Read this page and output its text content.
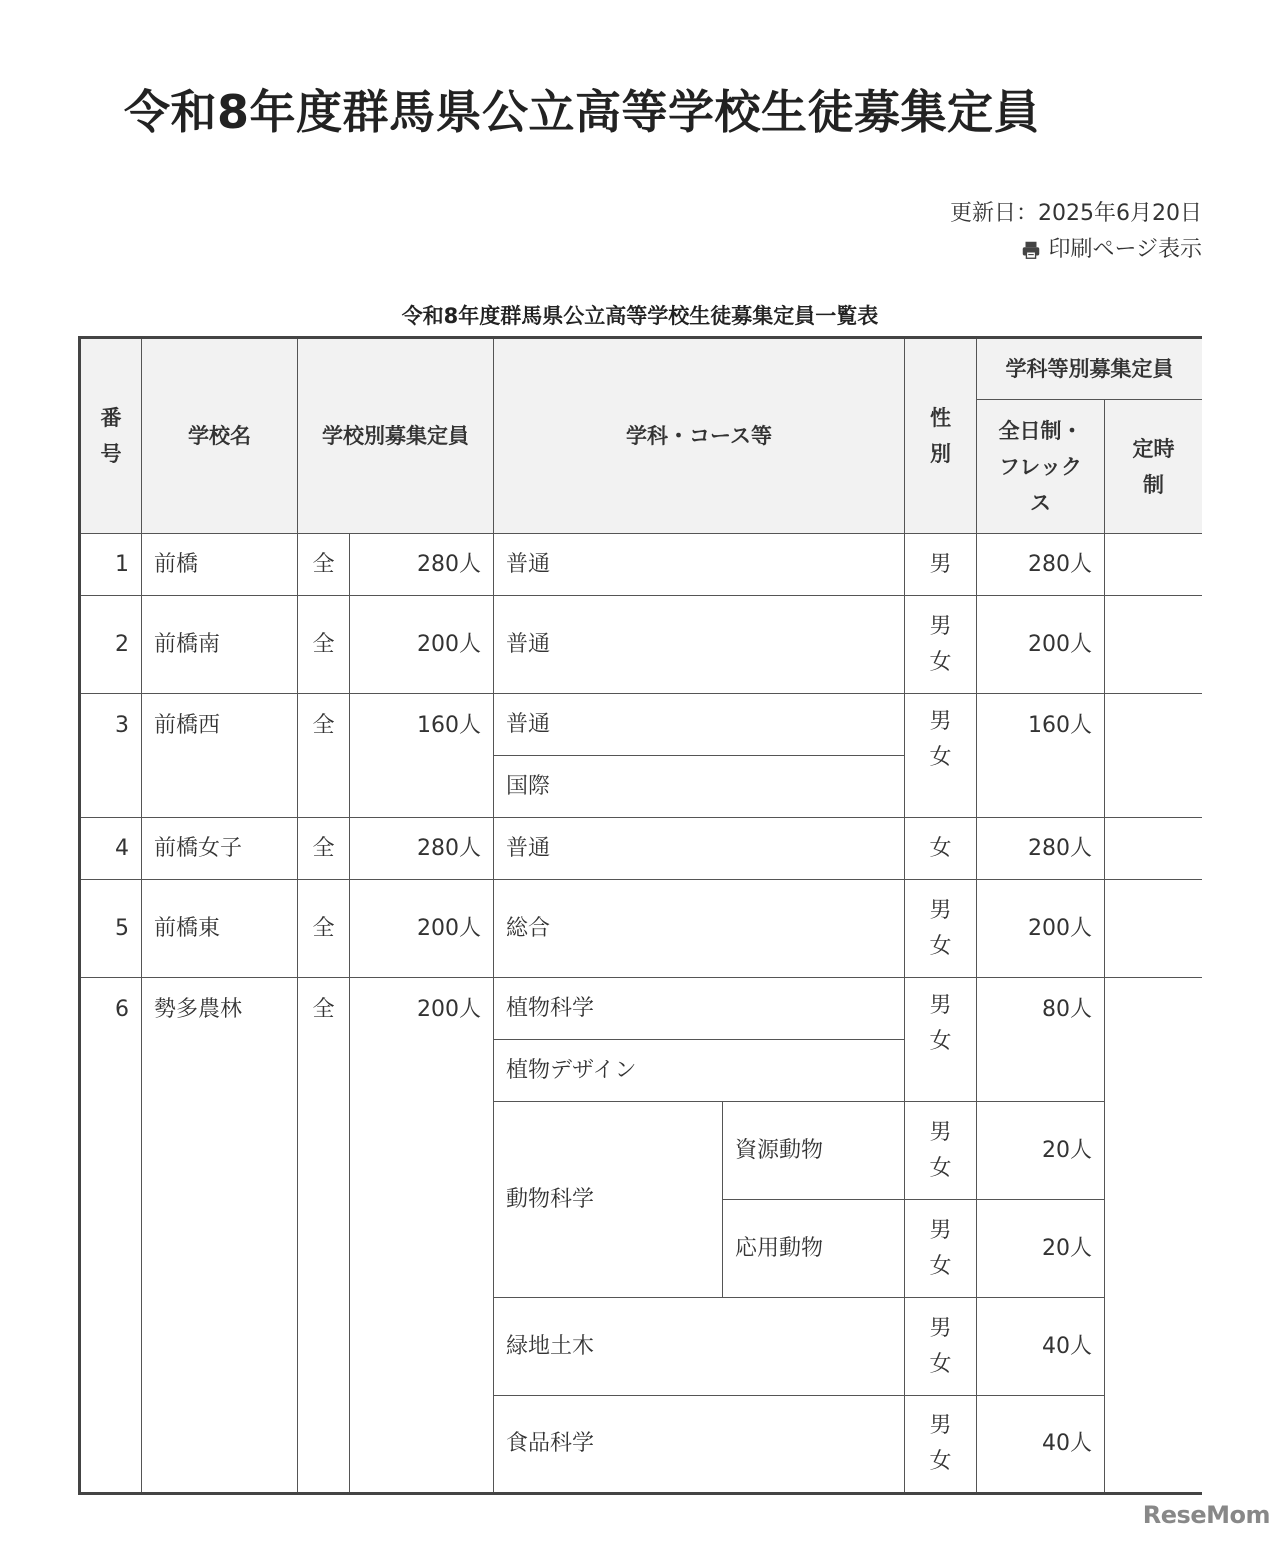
令和8年度群馬県公立高等学校生徒募集定員
更新日：2025年6月20日
印刷ページ表示
令和8年度群馬県公立高等学校生徒募集定員一覧表
番号	学校名	学校別募集定員		学科・コース等		性別	学科等別募集定員	
							全日制・フレックス	定時制

1	前橋	全	280人	普通		男	280人	
2	前橋南	全	200人	普通		男女	200人	
3	前橋西	全	160人	普通		男女	160人	
				国際				
4	前橋女子	全	280人	普通		女	280人	
5	前橋東	全	200人	総合		男女	200人	
6	勢多農林	全	200人	植物科学		男女	80人	
				植物デザイン				
				動物科学	資源動物	男女	20人	
					応用動物	男女	20人	
				緑地土木		男女	40人	
				食品科学		男女	40人	
ReseMom
